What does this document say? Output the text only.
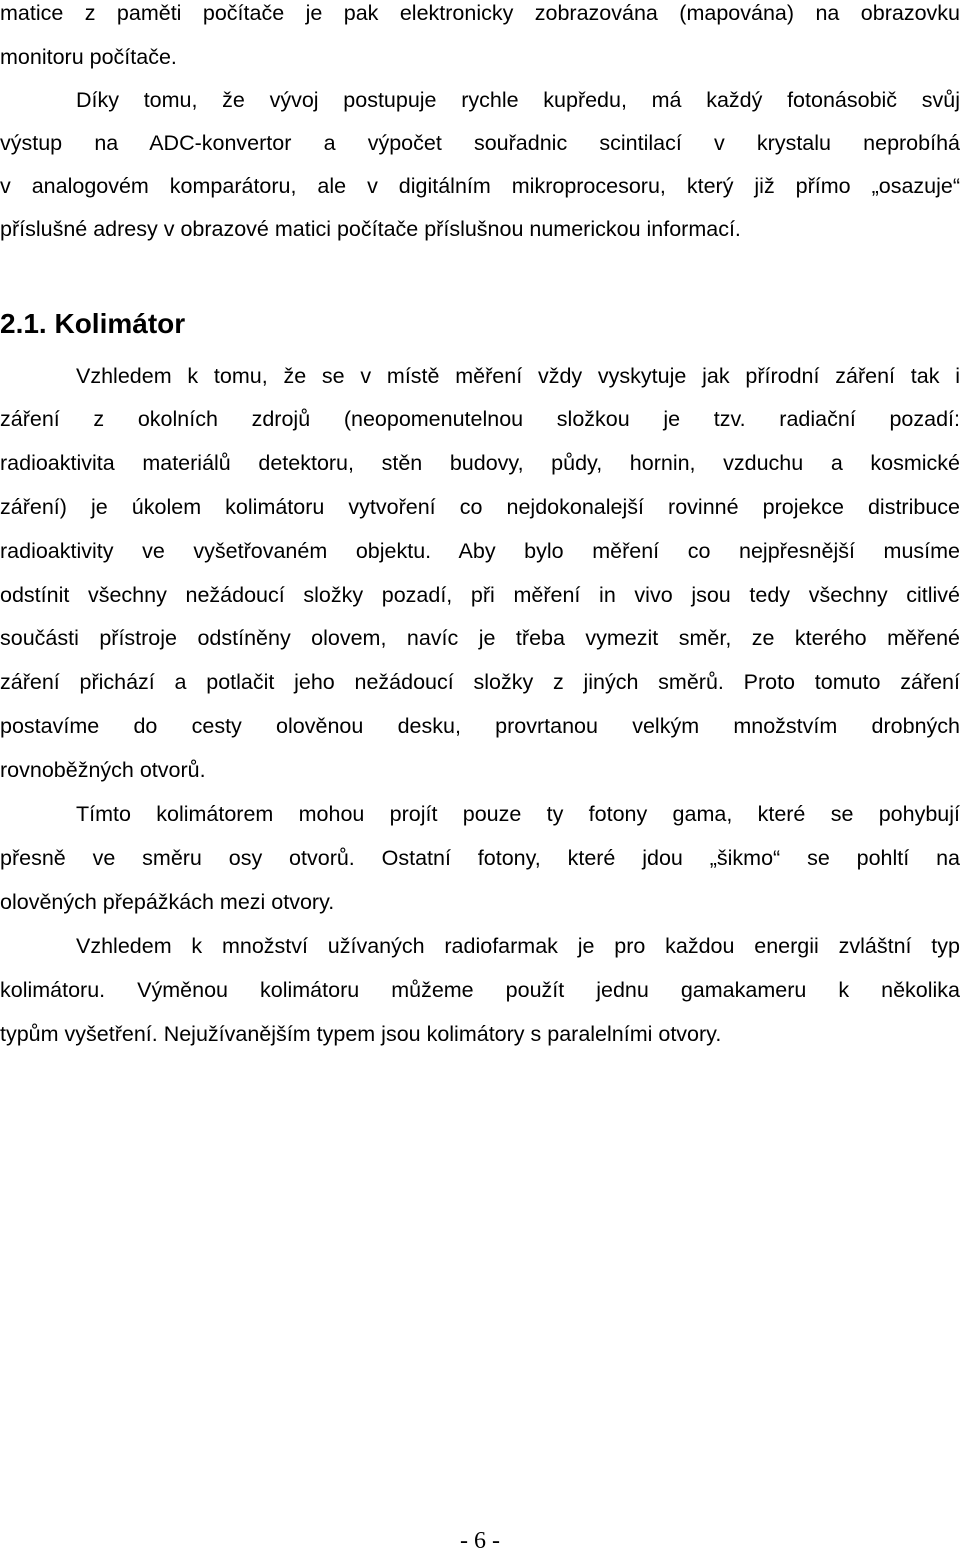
matice z paměti počítače je pak elektronicky zobrazována (mapována) na obrazovku
monitoru počítače.
Díky tomu, že vývoj postupuje rychle kupředu, má každý fotonásobič svůj
výstup na ADC-konvertor a výpočet souřadnic scintilací v krystalu neprobíhá
v analogovém komparátoru, ale v digitálním mikroprocesoru, který již přímo „osazuje“
příslušné adresy v obrazové matici počítače příslušnou numerickou informací.
2.1. Kolimátor
Vzhledem k tomu, že se v místě měření vždy vyskytuje jak přírodní záření tak i
záření z okolních zdrojů (neopomenutelnou složkou je tzv. radiační pozadí:
radioaktivita materiálů detektoru, stěn budovy, půdy, hornin, vzduchu a kosmické
záření) je úkolem kolimátoru vytvoření co nejdokonalejší rovinné projekce distribuce
radioaktivity ve vyšetřovaném objektu. Aby bylo měření co nejpřesnější musíme
odstínit všechny nežádoucí složky pozadí, při měření in vivo jsou tedy všechny citlivé
součásti přístroje odstíněny olovem, navíc je třeba vymezit směr, ze kterého měřené
záření přichází a potlačit jeho nežádoucí složky z jiných směrů. Proto tomuto záření
postavíme do cesty olověnou desku, provrtanou velkým množstvím drobných
rovnoběžných otvorů.
Tímto kolimátorem mohou projít pouze ty fotony gama, které se pohybují
přesně ve směru osy otvorů. Ostatní fotony, které jdou „šikmo“ se pohltí na
olověných přepážkách mezi otvory.
Vzhledem k množství užívaných radiofarmak je pro každou energii zvláštní typ
kolimátoru. Výměnou kolimátoru můžeme použít jednu gamakameru k několika
typům vyšetření. Nejužívanějším typem jsou kolimátory s paralelními otvory.
- 6 -
